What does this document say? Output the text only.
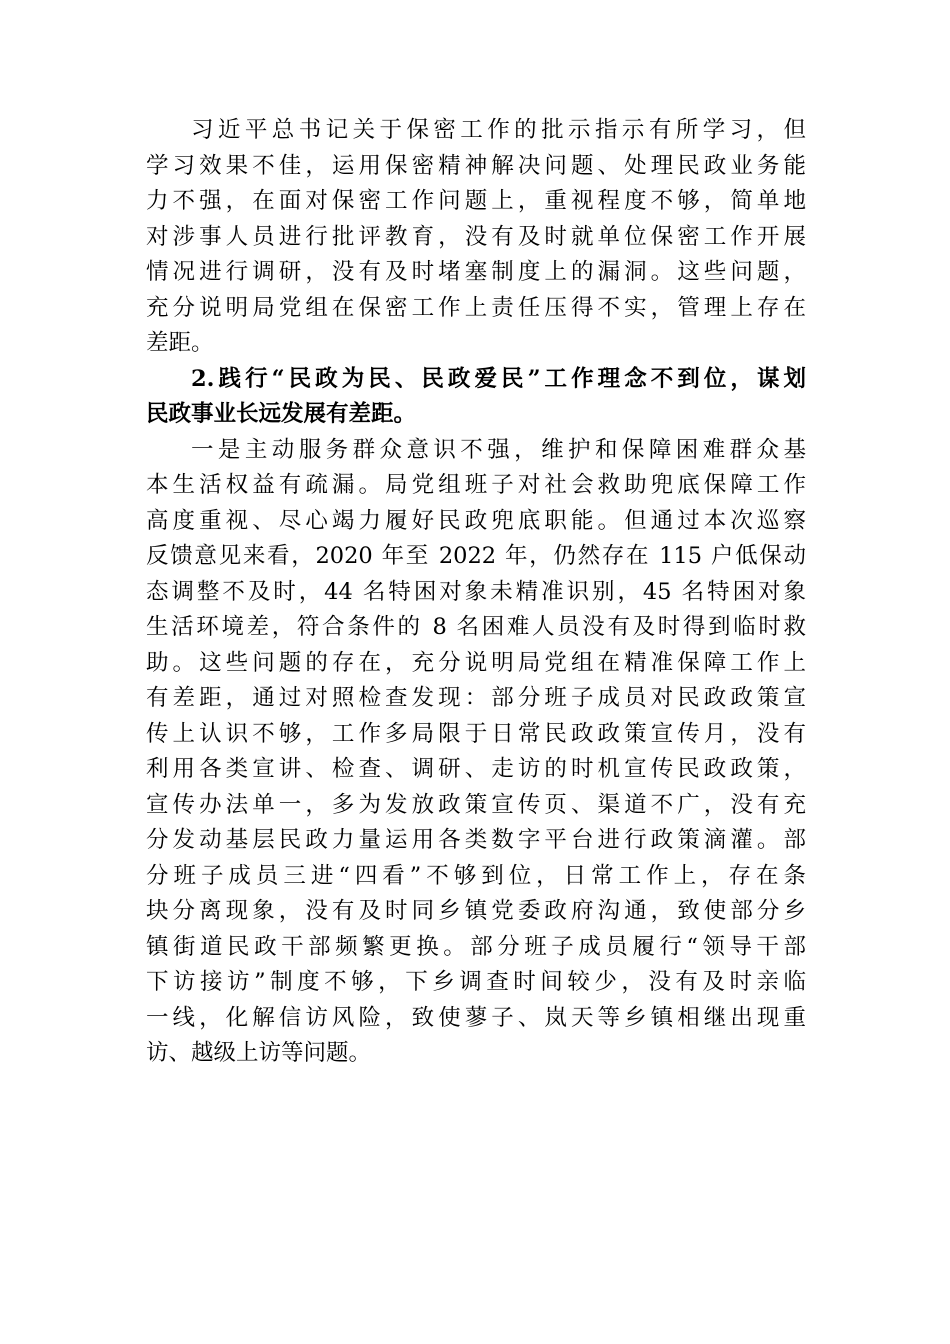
习近平总书记关于保密工作的批示指示有所学习，但
学习效果不佳，运用保密精神解决问题、处理民政业务能
力不强，在面对保密工作问题上，重视程度不够，简单地
对涉事人员进行批评教育，没有及时就单位保密工作开展
情况进行调研，没有及时堵塞制度上的漏洞。这些问题，
充分说明局党组在保密工作上责任压得不实，管理上存在
差距。
2.践行“民政为民、民政爱民”工作理念不到位，谋划
民政事业长远发展有差距。
一是主动服务群众意识不强，维护和保障困难群众基
本生活权益有疏漏。局党组班子对社会救助兜底保障工作
高度重视、尽心竭力履好民政兜底职能。但通过本次巡察
反馈意见来看，2020 年至 2022 年，仍然存在 115 户低保动
态调整不及时，44 名特困对象未精准识别，45 名特困对象
生活环境差，符合条件的 8 名困难人员没有及时得到临时救
助。这些问题的存在，充分说明局党组在精准保障工作上
有差距，通过对照检查发现：部分班子成员对民政政策宣
传上认识不够，工作多局限于日常民政政策宣传月，没有
利用各类宣讲、检查、调研、走访的时机宣传民政政策，
宣传办法单一，多为发放政策宣传页、渠道不广，没有充
分发动基层民政力量运用各类数字平台进行政策滴灌。部
分班子成员三进“四看”不够到位，日常工作上，存在条
块分离现象，没有及时同乡镇党委政府沟通，致使部分乡
镇街道民政干部频繁更换。部分班子成员履行“领导干部
下访接访”制度不够，下乡调查时间较少，没有及时亲临
一线，化解信访风险，致使蓼子、岚天等乡镇相继出现重
访、越级上访等问题。
